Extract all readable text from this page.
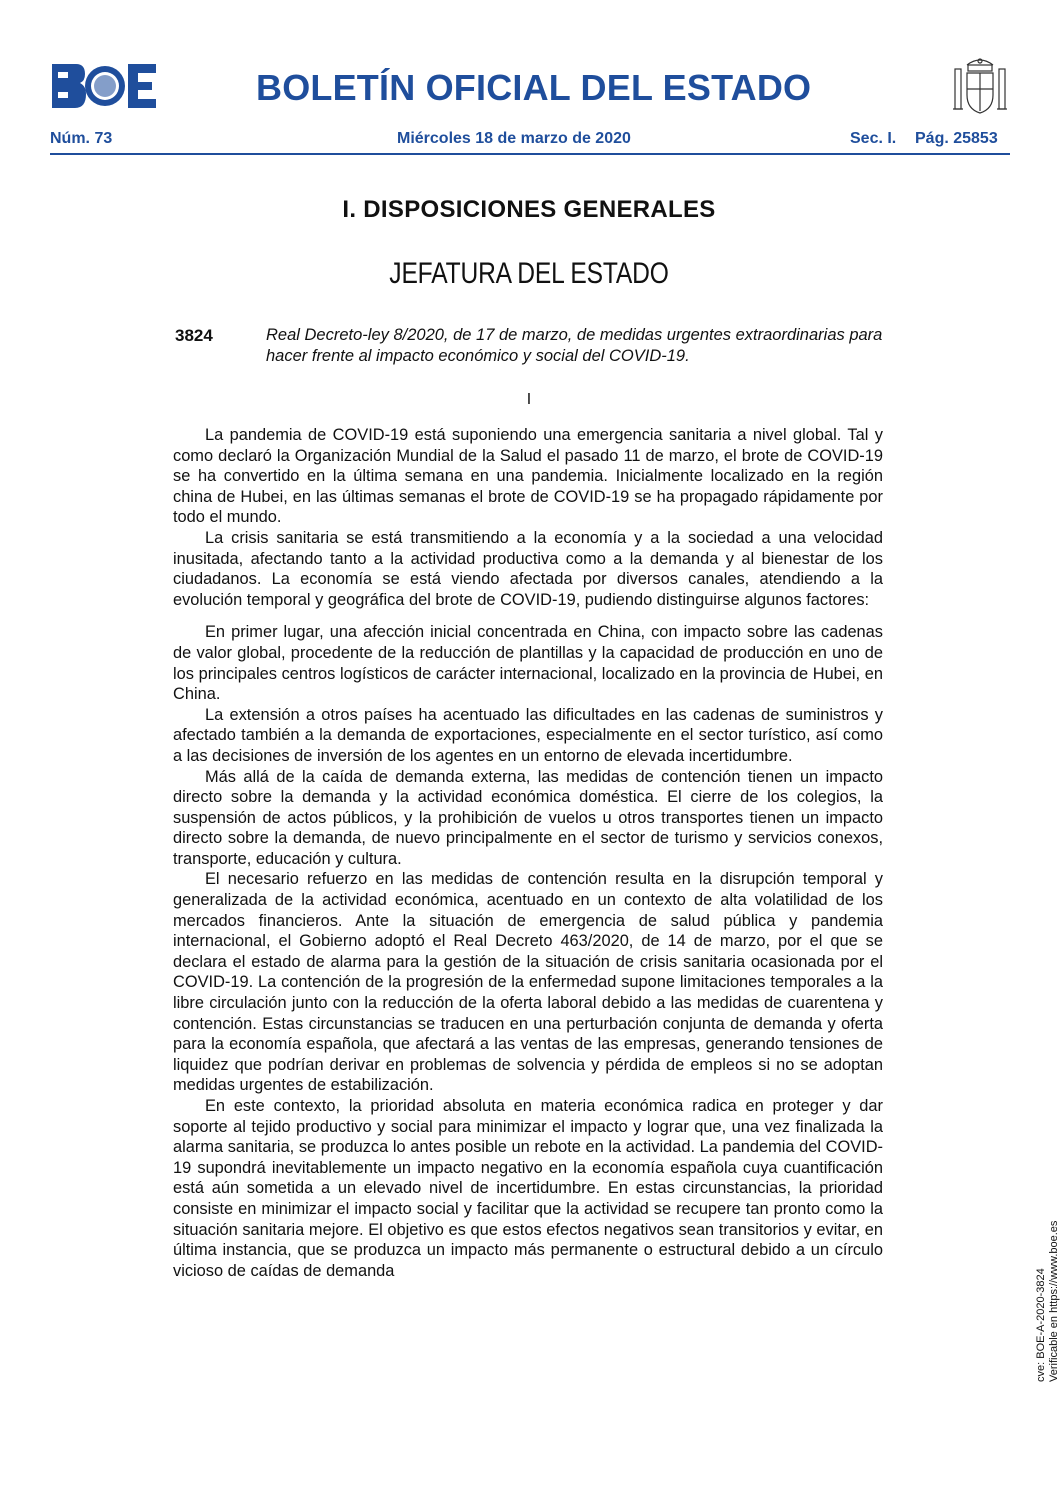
BOLETÍN OFICIAL DEL ESTADO
Núm. 73	Miércoles 18 de marzo de 2020	Sec. I. Pág. 25853
I. DISPOSICIONES GENERALES
JEFATURA DEL ESTADO
3824	Real Decreto-ley 8/2020, de 17 de marzo, de medidas urgentes extraordinarias para hacer frente al impacto económico y social del COVID-19.
I

La pandemia de COVID-19 está suponiendo una emergencia sanitaria a nivel global. Tal y como declaró la Organización Mundial de la Salud el pasado 11 de marzo, el brote de COVID-19 se ha convertido en la última semana en una pandemia. Inicialmente localizado en la región china de Hubei, en las últimas semanas el brote de COVID-19 se ha propagado rápidamente por todo el mundo.

La crisis sanitaria se está transmitiendo a la economía y a la sociedad a una velocidad inusitada, afectando tanto a la actividad productiva como a la demanda y al bienestar de los ciudadanos. La economía se está viendo afectada por diversos canales, atendiendo a la evolución temporal y geográfica del brote de COVID-19, pudiendo distinguirse algunos factores:

En primer lugar, una afección inicial concentrada en China, con impacto sobre las cadenas de valor global, procedente de la reducción de plantillas y la capacidad de producción en uno de los principales centros logísticos de carácter internacional, localizado en la provincia de Hubei, en China.

La extensión a otros países ha acentuado las dificultades en las cadenas de suministros y afectado también a la demanda de exportaciones, especialmente en el sector turístico, así como a las decisiones de inversión de los agentes en un entorno de elevada incertidumbre.

Más allá de la caída de demanda externa, las medidas de contención tienen un impacto directo sobre la demanda y la actividad económica doméstica. El cierre de los colegios, la suspensión de actos públicos, y la prohibición de vuelos u otros transportes tienen un impacto directo sobre la demanda, de nuevo principalmente en el sector de turismo y servicios conexos, transporte, educación y cultura.

El necesario refuerzo en las medidas de contención resulta en la disrupción temporal y generalizada de la actividad económica, acentuado en un contexto de alta volatilidad de los mercados financieros. Ante la situación de emergencia de salud pública y pandemia internacional, el Gobierno adoptó el Real Decreto 463/2020, de 14 de marzo, por el que se declara el estado de alarma para la gestión de la situación de crisis sanitaria ocasionada por el COVID-19. La contención de la progresión de la enfermedad supone limitaciones temporales a la libre circulación junto con la reducción de la oferta laboral debido a las medidas de cuarentena y contención. Estas circunstancias se traducen en una perturbación conjunta de demanda y oferta para la economía española, que afectará a las ventas de las empresas, generando tensiones de liquidez que podrían derivar en problemas de solvencia y pérdida de empleos si no se adoptan medidas urgentes de estabilización.

En este contexto, la prioridad absoluta en materia económica radica en proteger y dar soporte al tejido productivo y social para minimizar el impacto y lograr que, una vez finalizada la alarma sanitaria, se produzca lo antes posible un rebote en la actividad. La pandemia del COVID-19 supondrá inevitablemente un impacto negativo en la economía española cuya cuantificación está aún sometida a un elevado nivel de incertidumbre. En estas circunstancias, la prioridad consiste en minimizar el impacto social y facilitar que la actividad se recupere tan pronto como la situación sanitaria mejore. El objetivo es que estos efectos negativos sean transitorios y evitar, en última instancia, que se produzca un impacto más permanente o estructural debido a un círculo vicioso de caídas de demanda	cve: BOE-A-2020-3824 Verificable en https://www.boe.es
